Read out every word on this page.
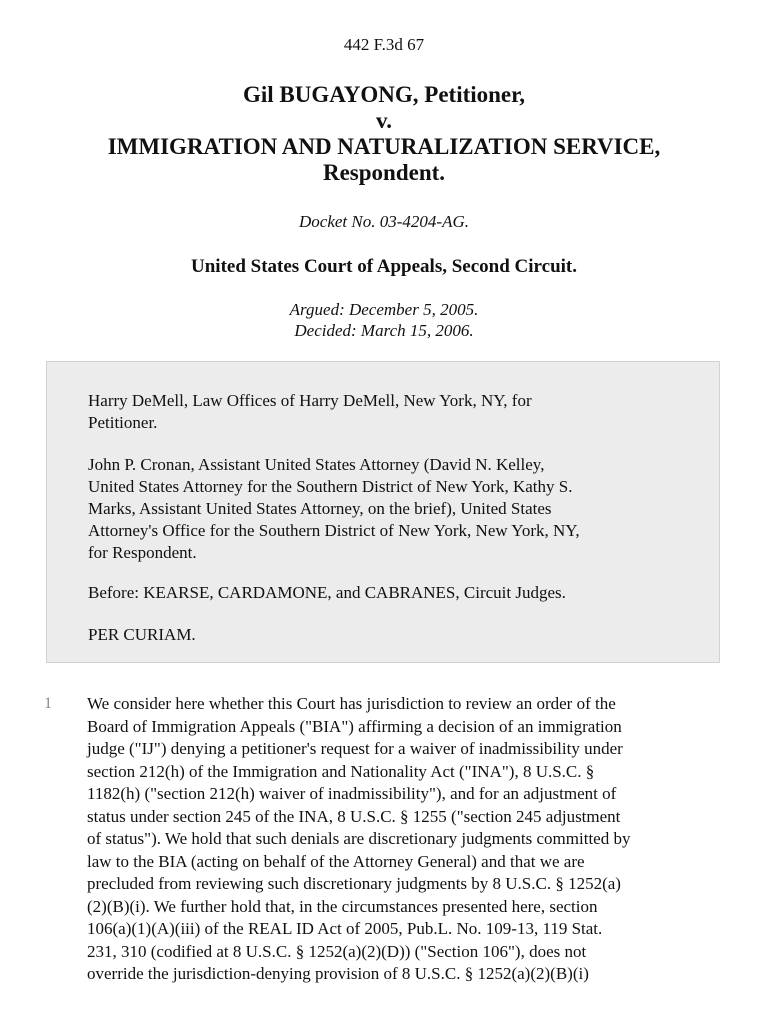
442 F.3d 67
Gil BUGAYONG, Petitioner,
v.
IMMIGRATION AND NATURALIZATION SERVICE,
Respondent.
Docket No. 03-4204-AG.
United States Court of Appeals, Second Circuit.
Argued: December 5, 2005.
Decided: March 15, 2006.
Harry DeMell, Law Offices of Harry DeMell, New York, NY, for
Petitioner.
John P. Cronan, Assistant United States Attorney (David N. Kelley,
United States Attorney for the Southern District of New York, Kathy S.
Marks, Assistant United States Attorney, on the brief), United States
Attorney's Office for the Southern District of New York, New York, NY,
for Respondent.
Before: KEARSE, CARDAMONE, and CABRANES, Circuit Judges.
PER CURIAM.
1 We consider here whether this Court has jurisdiction to review an order of the
Board of Immigration Appeals ("BIA") affirming a decision of an immigration
judge ("IJ") denying a petitioner's request for a waiver of inadmissibility under
section 212(h) of the Immigration and Nationality Act ("INA"), 8 U.S.C. §
1182(h) ("section 212(h) waiver of inadmissibility"), and for an adjustment of
status under section 245 of the INA, 8 U.S.C. § 1255 ("section 245 adjustment
of status"). We hold that such denials are discretionary judgments committed by
law to the BIA (acting on behalf of the Attorney General) and that we are
precluded from reviewing such discretionary judgments by 8 U.S.C. § 1252(a)
(2)(B)(i). We further hold that, in the circumstances presented here, section
106(a)(1)(A)(iii) of the REAL ID Act of 2005, Pub.L. No. 109-13, 119 Stat.
231, 310 (codified at 8 U.S.C. § 1252(a)(2)(D)) ("Section 106"), does not
override the jurisdiction-denying provision of 8 U.S.C. § 1252(a)(2)(B)(i)
